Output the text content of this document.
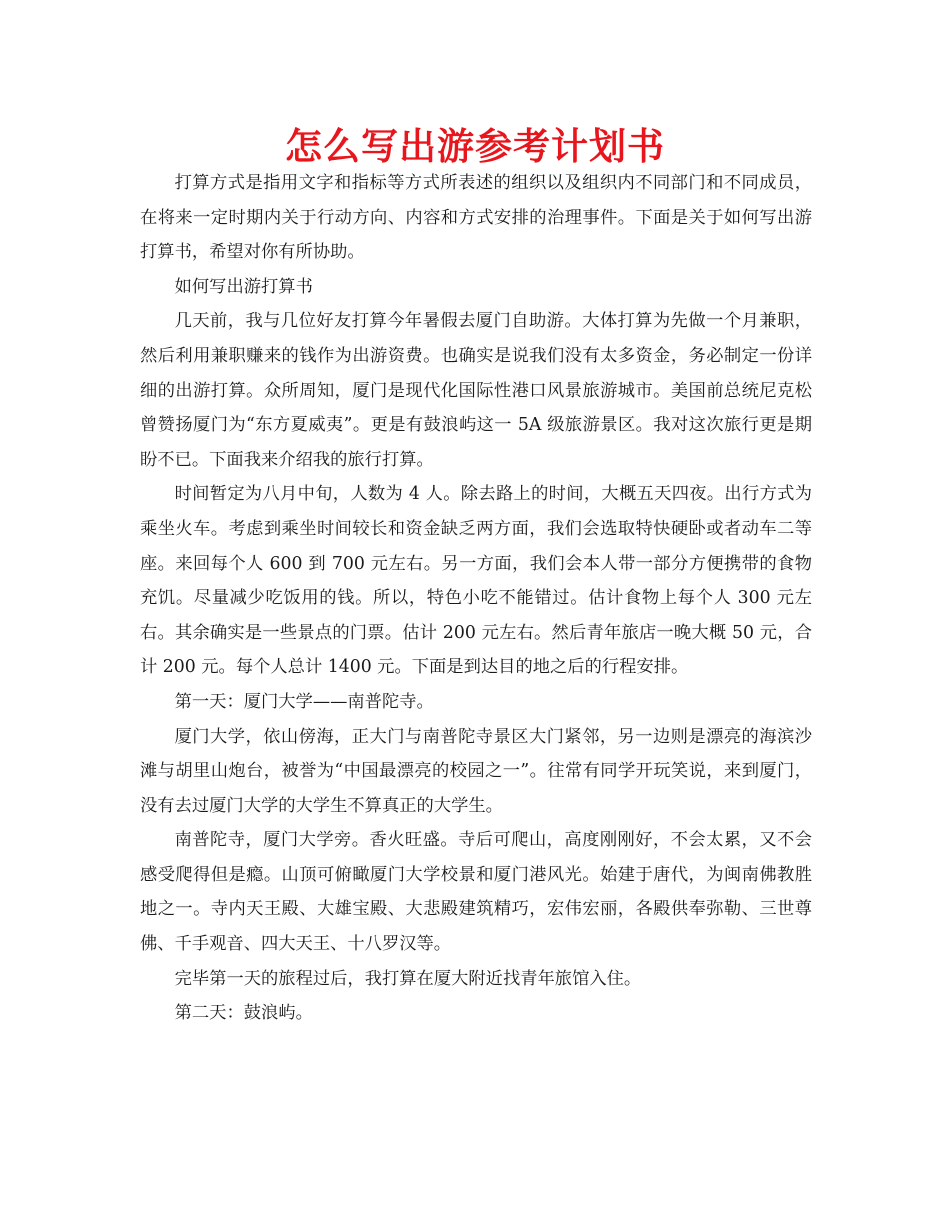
怎么写出游参考计划书

打算方式是指用文字和指标等方式所表述的组织以及组织内不同部门和不同成员，在将来一定时期内关于行动方向、内容和方式安排的治理事件。下面是关于如何写出游打算书，希望对你有所协助。

如何写出游打算书

几天前，我与几位好友打算今年暑假去厦门自助游。大体打算为先做一个月兼职，然后利用兼职赚来的钱作为出游资费。也确实是说我们没有太多资金，务必制定一份详细的出游打算。众所周知，厦门是现代化国际性港口风景旅游城市。美国前总统尼克松曾赞扬厦门为“东方夏威夷”。更是有鼓浪屿这一 5A 级旅游景区。我对这次旅行更是期盼不已。下面我来介绍我的旅行打算。

时间暂定为八月中旬，人数为 4 人。除去路上的时间，大概五天四夜。出行方式为乘坐火车。考虑到乘坐时间较长和资金缺乏两方面，我们会选取特快硬卧或者动车二等座。来回每个人 600 到 700 元左右。另一方面，我们会本人带一部分方便携带的食物充饥。尽量减少吃饭用的钱。所以，特色小吃不能错过。估计食物上每个人 300 元左右。其余确实是一些景点的门票。估计 200 元左右。然后青年旅店一晚大概 50 元，合计 200 元。每个人总计 1400 元。下面是到达目的地之后的行程安排。

第一天：厦门大学——南普陀寺。

厦门大学，依山傍海，正大门与南普陀寺景区大门紧邻，另一边则是漂亮的海滨沙滩与胡里山炮台，被誉为“中国最漂亮的校园之一”。往常有同学开玩笑说，来到厦门，没有去过厦门大学的大学生不算真正的大学生。

南普陀寺，厦门大学旁。香火旺盛。寺后可爬山，高度刚刚好，不会太累，又不会感受爬得但是瘾。山顶可俯瞰厦门大学校景和厦门港风光。始建于唐代，为闽南佛教胜地之一。寺内天王殿、大雄宝殿、大悲殿建筑精巧，宏伟宏丽，各殿供奉弥勒、三世尊佛、千手观音、四大天王、十八罗汉等。

完毕第一天的旅程过后，我打算在厦大附近找青年旅馆入住。

第二天：鼓浪屿。
